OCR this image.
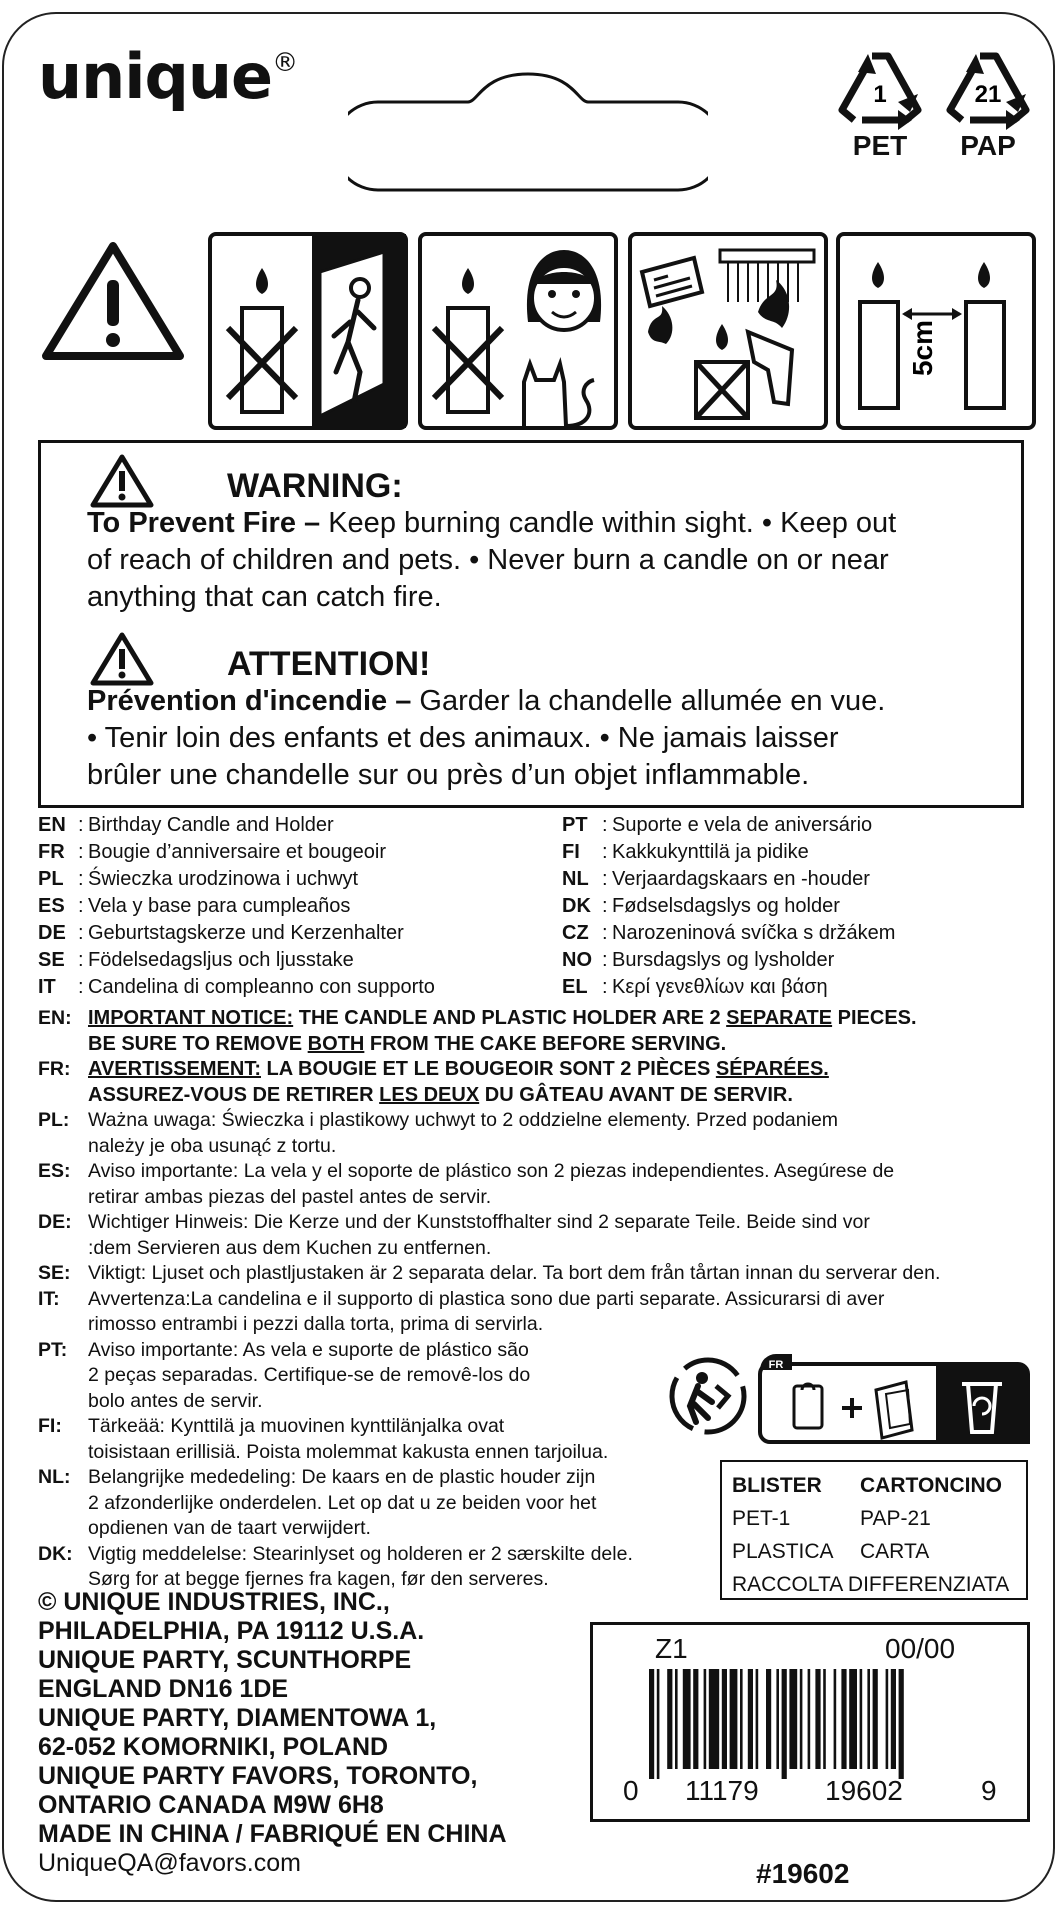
unique®
1
PET
21
PAP
5cm
WARNING:
To Prevent Fire – Keep burning candle within sight. • Keep out
of reach of children and pets. • Never burn a candle on or near
anything that can catch fire.
ATTENTION!
Prévention d'incendie – Garder la chandelle allumée en vue.
• Tenir loin des enfants et des animaux. • Ne jamais laisser
brûler une chandelle sur ou près d’un objet inflammable.
EN : Birthday Candle and Holder
FR : Bougie d’anniversaire et bougeoir
PL : Świeczka urodzinowa i uchwyt
ES : Vela y base para cumpleaños
DE : Geburtstagskerze und Kerzenhalter
SE : Födelsedagsljus och ljusstake
IT : Candelina di compleanno con supporto
PT : Suporte e vela de aniversário
FI : Kakkukynttilä ja pidike
NL : Verjaardagskaars en -houder
DK : Fødselsdagslys og holder
CZ : Narozeninová svíčka s držákem
NO : Bursdagslys og lysholder
EL : Κερί γενεθλίων και βάση
EN: IMPORTANT NOTICE: THE CANDLE AND PLASTIC HOLDER ARE 2 SEPARATE PIECES.
BE SURE TO REMOVE BOTH FROM THE CAKE BEFORE SERVING.
FR: AVERTISSEMENT: LA BOUGIE ET LE BOUGEOIR SONT 2 PIÈCES SÉPARÉES.
ASSUREZ-VOUS DE RETIRER LES DEUX DU GÂTEAU AVANT DE SERVIR.
PL: Ważna uwaga: Świeczka i plastikowy uchwyt to 2 oddzielne elementy. Przed podaniem
należy je oba usunąć z tortu.
ES: Aviso importante: La vela y el soporte de plástico son 2 piezas independientes. Asegúrese de
retirar ambas piezas del pastel antes de servir.
DE: Wichtiger Hinweis: Die Kerze und der Kunststoffhalter sind 2 separate Teile. Beide sind vor
:dem Servieren aus dem Kuchen zu entfernen.
SE: Viktigt: Ljuset och plastljustaken är 2 separata delar. Ta bort dem från tårtan innan du serverar den.
IT: Avvertenza:La candelina e il supporto di plastica sono due parti separate. Assicurarsi di aver
rimosso entrambi i pezzi dalla torta, prima di servirla.
PT: Aviso importante: As vela e suporte de plástico são
2 peças separadas. Certifique-se de removê-los do
bolo antes de servir.
FI: Tärkeää: Kynttilä ja muovinen kynttilänjalka ovat
toisistaan erillisiä. Poista molemmat kakusta ennen tarjoilua.
NL: Belangrijke mededeling: De kaars en de plastic houder zijn
2 afzonderlijke onderdelen. Let op dat u ze beiden voor het
opdienen van de taart verwijdert.
DK: Vigtig meddelelse: Stearinlyset og holderen er 2 særskilte dele.
Sørg for at begge fjernes fra kagen, før den serveres.
FR
BLISTER CARTONCINO
PET-1	PAP-21
PLASTICA CARTA
RACCOLTA DIFFERENZIATA
© UNIQUE INDUSTRIES, INC.,
PHILADELPHIA, PA 19112 U.S.A.
UNIQUE PARTY, SCUNTHORPE
ENGLAND DN16 1DE
UNIQUE PARTY, DIAMENTOWA 1,
62-052 KOMORNIKI, POLAND
UNIQUE PARTY FAVORS, TORONTO,
ONTARIO CANADA M9W 6H8
MADE IN CHINA / FABRIQUÉ EN CHINA
UniqueQA@favors.com
Z1	00/00
0 11179 19602	9
#19602
